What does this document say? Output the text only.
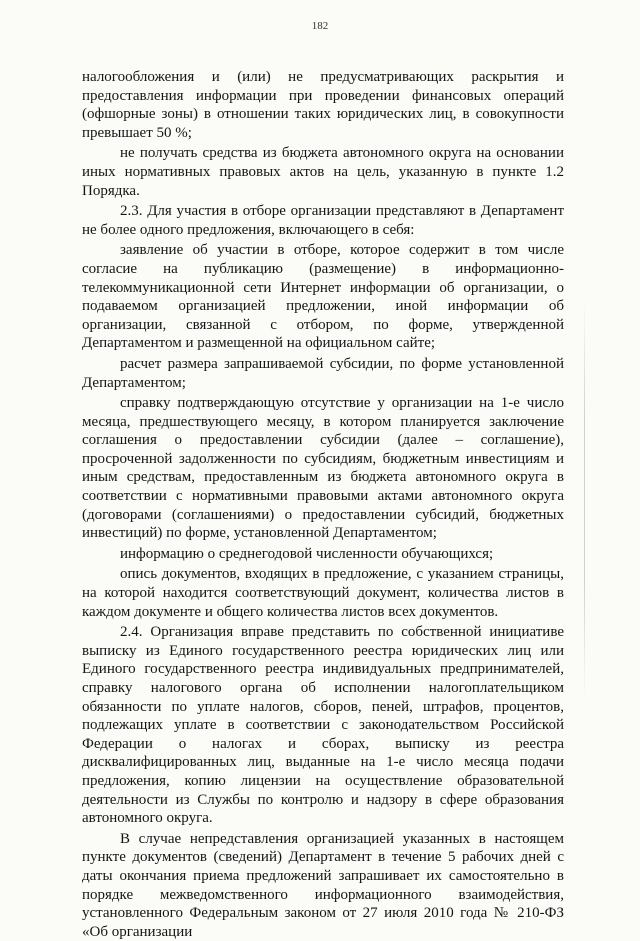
182

налогообложения и (или) не предусматривающих раскрытия и предоставления информации при проведении финансовых операций (офшорные зоны) в отношении таких юридических лиц, в совокупности превышает 50 %;

не получать средства из бюджета автономного округа на основании иных нормативных правовых актов на цель, указанную в пункте 1.2 Порядка.

2.3. Для участия в отборе организации представляют в Департамент не более одного предложения, включающего в себя:

заявление об участии в отборе, которое содержит в том числе согласие на публикацию (размещение) в информационно-телекоммуникационной сети Интернет информации об организации, о подаваемом организацией предложении, иной информации об организации, связанной с отбором, по форме, утвержденной Департаментом и размещенной на официальном сайте;

расчет размера запрашиваемой субсидии, по форме установленной Департаментом;

справку подтверждающую отсутствие у организации на 1-е число месяца, предшествующего месяцу, в котором планируется заключение соглашения о предоставлении субсидии (далее – соглашение), просроченной задолженности по субсидиям, бюджетным инвестициям и иным средствам, предоставленным из бюджета автономного округа в соответствии с нормативными правовыми актами автономного округа (договорами (соглашениями) о предоставлении субсидий, бюджетных инвестиций) по форме, установленной Департаментом;

информацию о среднегодовой численности обучающихся;

опись документов, входящих в предложение, с указанием страницы, на которой находится соответствующий документ, количества листов в каждом документе и общего количества листов всех документов.

2.4. Организация вправе представить по собственной инициативе выписку из Единого государственного реестра юридических лиц или Единого государственного реестра индивидуальных предпринимателей, справку налогового органа об исполнении налогоплательщиком обязанности по уплате налогов, сборов, пеней, штрафов, процентов, подлежащих уплате в соответствии с законодательством Российской Федерации о налогах и сборах, выписку из реестра дисквалифицированных лиц, выданные на 1-е число месяца подачи предложения, копию лицензии на осуществление образовательной деятельности из Службы по контролю и надзору в сфере образования автономного округа.

В случае непредставления организацией указанных в настоящем пункте документов (сведений) Департамент в течение 5 рабочих дней с даты окончания приема предложений запрашивает их самостоятельно в порядке межведомственного информационного взаимодействия, установленного Федеральным законом от 27 июля 2010 года № 210-ФЗ «Об организации
